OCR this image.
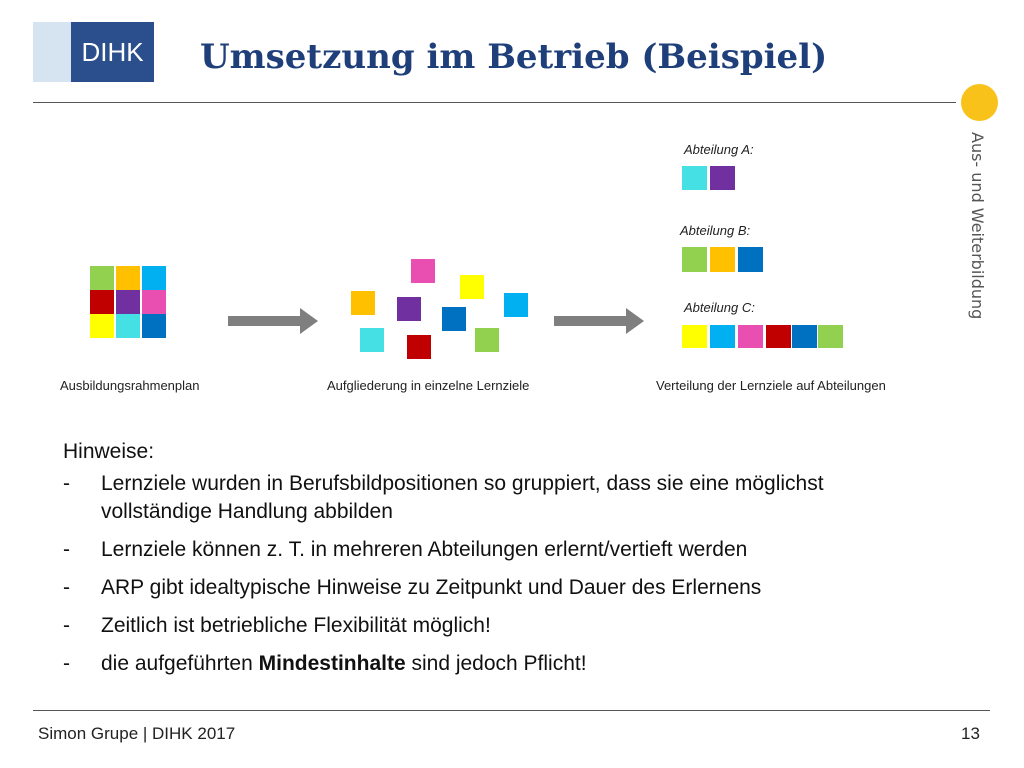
DIHK	Umsetzung im Betrieb (Beispiel)
Aus- und Weiterbildung
Abteilung A:
Abteilung B:
Abteilung C:
Ausbildungsrahmenplan	Aufgliederung in einzelne Lernziele	Verteilung der Lernziele auf Abteilungen
Hinweise:
-	Lernziele wurden in Berufsbildpositionen so gruppiert, dass sie eine möglichst vollständige Handlung abbilden
-	Lernziele können z. T. in mehreren Abteilungen erlernt/vertieft werden
-	ARP gibt idealtypische Hinweise zu Zeitpunkt und Dauer des Erlernens
-	Zeitlich ist betriebliche Flexibilität möglich!
-	die aufgeführten Mindestinhalte sind jedoch Pflicht!
Simon Grupe | DIHK 2017	13
